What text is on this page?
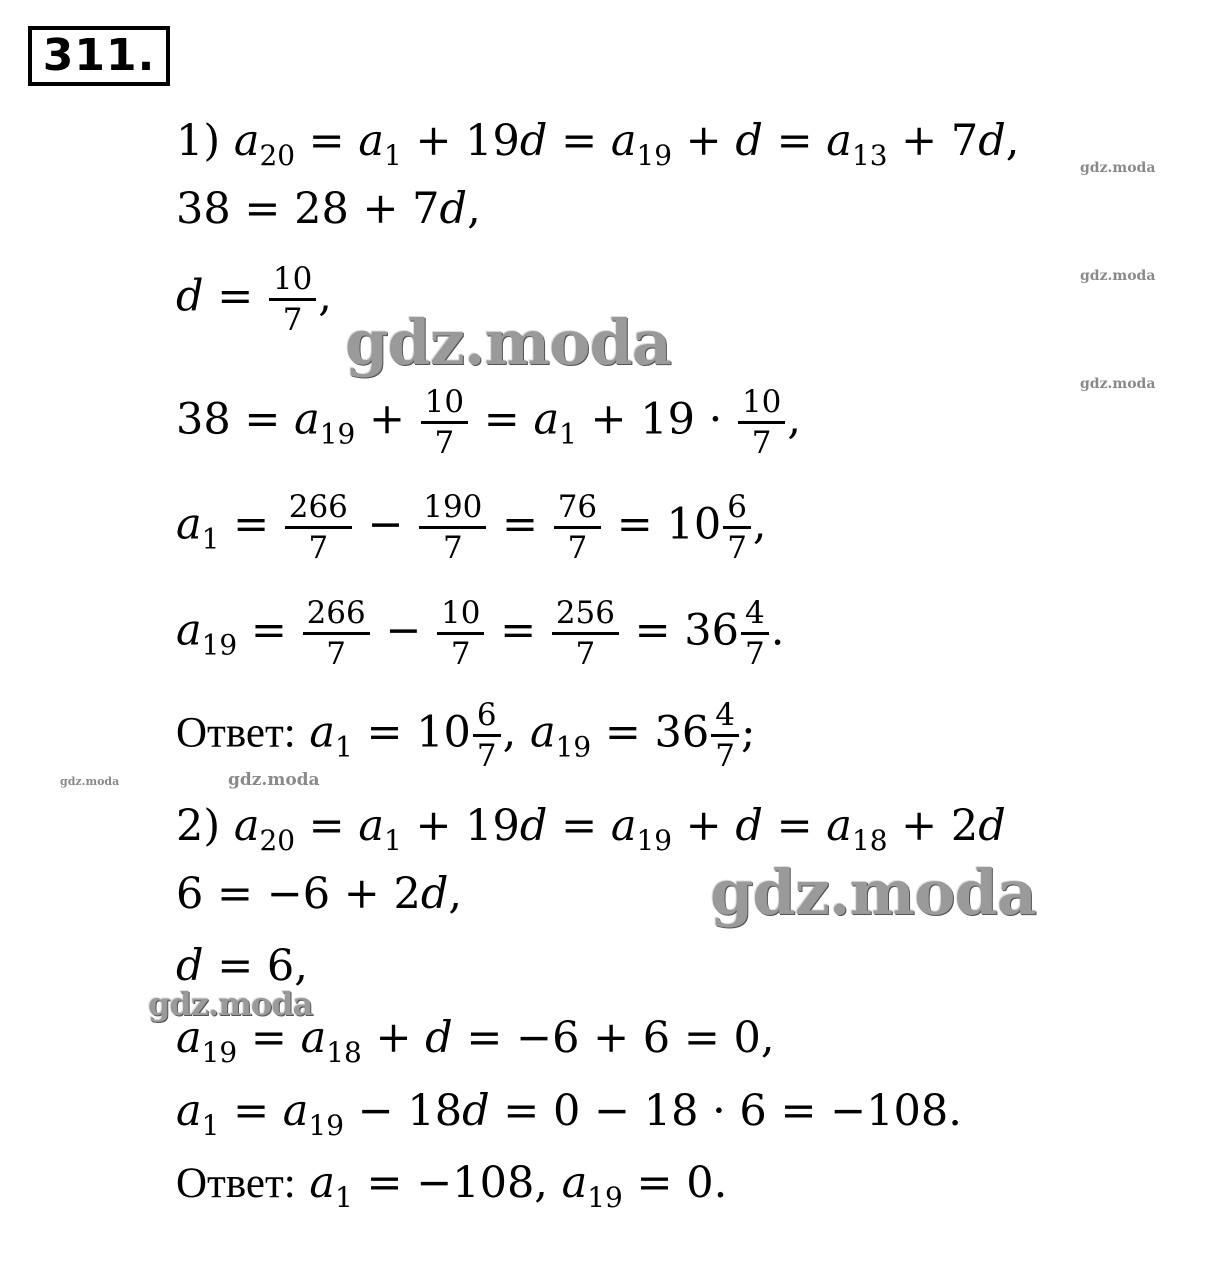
311.
1) $a_{20} = a_1 + 19d = a_{19} + d = a_{13} + 7d$,
38 = 28 + 7d,
$d = \frac{10}{7}$ ,
$38 = a_{19} + \frac{10}{7} = a_1 + 19 \cdot \frac{10}{7}$ ,
$a_1 = \frac{266}{7} - \frac{190}{7} = \frac{76}{7} = 10 \frac{6}{7}$ ,
$a_{19} = \frac{266}{7} - \frac{10}{7} = \frac{256}{7} = 36 \frac{4}{7}$ .
Ответ: $a_1 = 10 \frac{6}{7}$ , $a_{19} = 36 \frac{4}{7}$ ;
2) $a_{20} = a_1 + 19d = a_{19} + d = a_{18} + 2d$
6 = −6 + 2d,
d = 6,
$a_{19} = a_{18} + d = -6 + 6 = 0$,
$a_1 = a_{19} - 18d = 0 - 18 \cdot 6 = -108$.
Ответ: $a_1 = -108$, $a_{19} = 0$.
gdz.moda
gdz.moda
gdz.moda
gdz.moda	gdz.moda
gdz.moda
gdz.moda
gdz.moda
